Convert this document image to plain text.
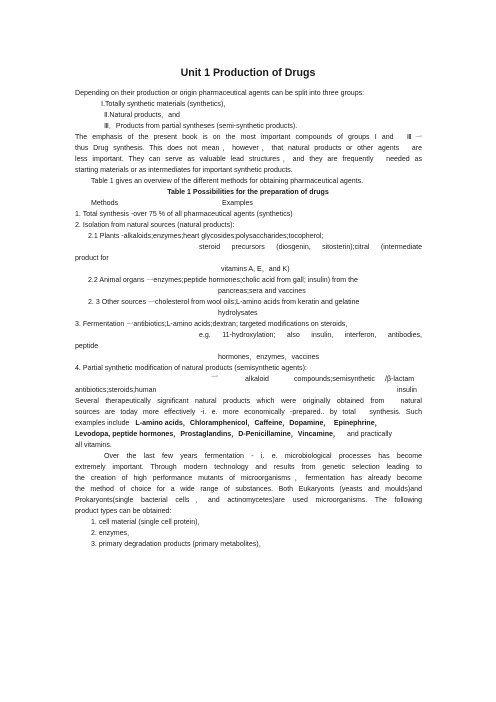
Unit 1 Production of Drugs
Depending on their production or origin pharmaceutical agents can be split into three groups:
Ⅰ.Totally synthetic materials (synthetics)，
Ⅱ.Natural products，and
Ⅲ．Products from partial syntheses (semi-synthetic products).
The emphasis of the present book is on the most important compounds of groups I and　Ⅲ一
thus Drug synthesis. This does not mean，however，that natural products or other agents　are
less important. They can serve as valuable lead structures，and they are frequently　needed as
starting materials or as intermediates for important synthetic products.
Table 1 gives an overview of the different methods for obtaining pharmaceutical agents.
Table 1 Possibilities for the preparation of drugs
Methods	Examples
1. Total synthesis -over 75 % of all pharmaceutical agents (synthetics)
2. Isolation from natural sources (natural products):
2.1 Plants -alkaloids;enzymes;heart glycosides;polysaccharides;tocopherol;
steroid　precursors　(diosgenin,　sitosterin);citral　(intermediate
product for
vitamins A, E，and K)
2.2 Animal organs 一enzymes;peptide hormones;cholic acid from gall; insulin) from the
pancreas;sera and vaccines
2. 3 Other sources 一cholesterol from wool oils;L-amino acids from keratin and gelatine
hydrolysates
3. Fermentation 一antibiotics;L-amino acids;dextran; targeted modifications on steroids，
e.g.　11-hydroxylation;　also　insulin,　interferon,　antibodies,
peptide
hormones，enzymes，vaccines
4. Partial synthetic modification of natural products (semisynthetic agents):
一	alkaloid	compounds;semisynthetic /β-lactam
antibiotics;steroids;human	insulin
Several therapeutically significant natural products which were originally obtained from　natural
sources are today more effectively -i. e. more economically -prepared.. by total　synthesis. Such
examples include L-amino acids，Chloramphenicol，Caffeine，Dopamine，　Epinephrine，
Levodopa, peptide hormones，Prostaglandins，D-Penicillamine，Vincamine， and practically
all vitamins.
Over the last few years fermentation - i. e. microbiological processes has become
extremely important. Through modern technology and results from genetic selection leading to
the creation of high performance mutants of microorganisms，fermentation has already become
the method of choice for a wide range of substances. Both Eukaryonts (yeasts and moulds)and
Prokaryonts(single bacterial cells，and actinomycetes)are used microorganisms. The following
product types can be obtained:
1. cell material (single cell protein)，
2. enzymes，
3. primary degradation products (primary metabolites)，
